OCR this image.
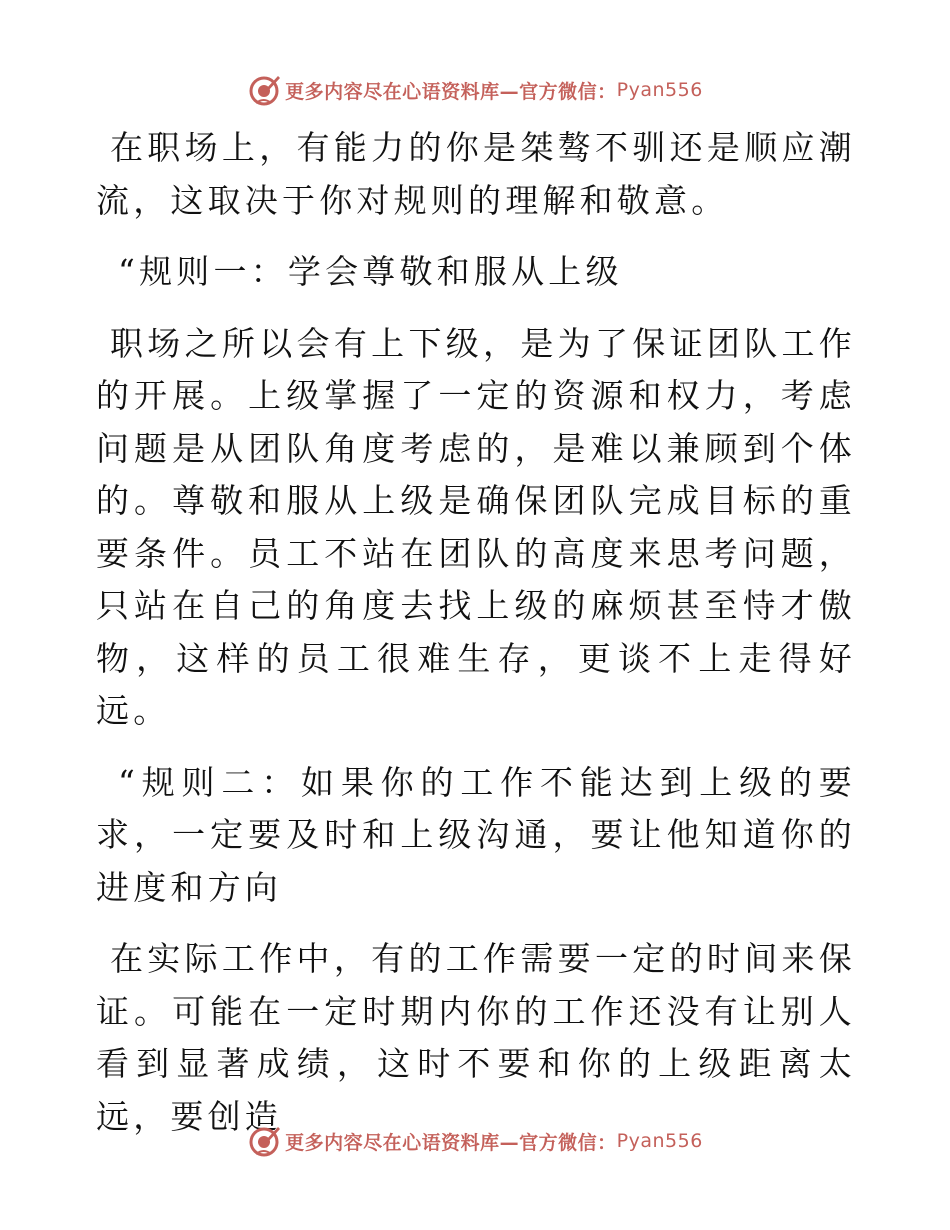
更多内容尽在心语资料库—官方微信： Pyan556

在职场上，有能力的你是桀骜不驯还是顺应潮流，这取决于你对规则的理解和敬意。

“规则一：学会尊敬和服从上级

职场之所以会有上下级，是为了保证团队工作的开展。上级掌握了一定的资源和权力，考虑问题是从团队角度考虑的，是难以兼顾到个体的。尊敬和服从上级是确保团队完成目标的重要条件。员工不站在团队的高度来思考问题，只站在自己的角度去找上级的麻烦甚至恃才傲物，这样的员工很难生存，更谈不上走得好远。

“规则二：如果你的工作不能达到上级的要求，一定要及时和上级沟通，要让他知道你的进度和方向

在实际工作中，有的工作需要一定的时间来保证。可能在一定时期内你的工作还没有让别人看到显著成绩，这时不要和你的上级距离太远，要创造

更多内容尽在心语资料库—官方微信： Pyan556
